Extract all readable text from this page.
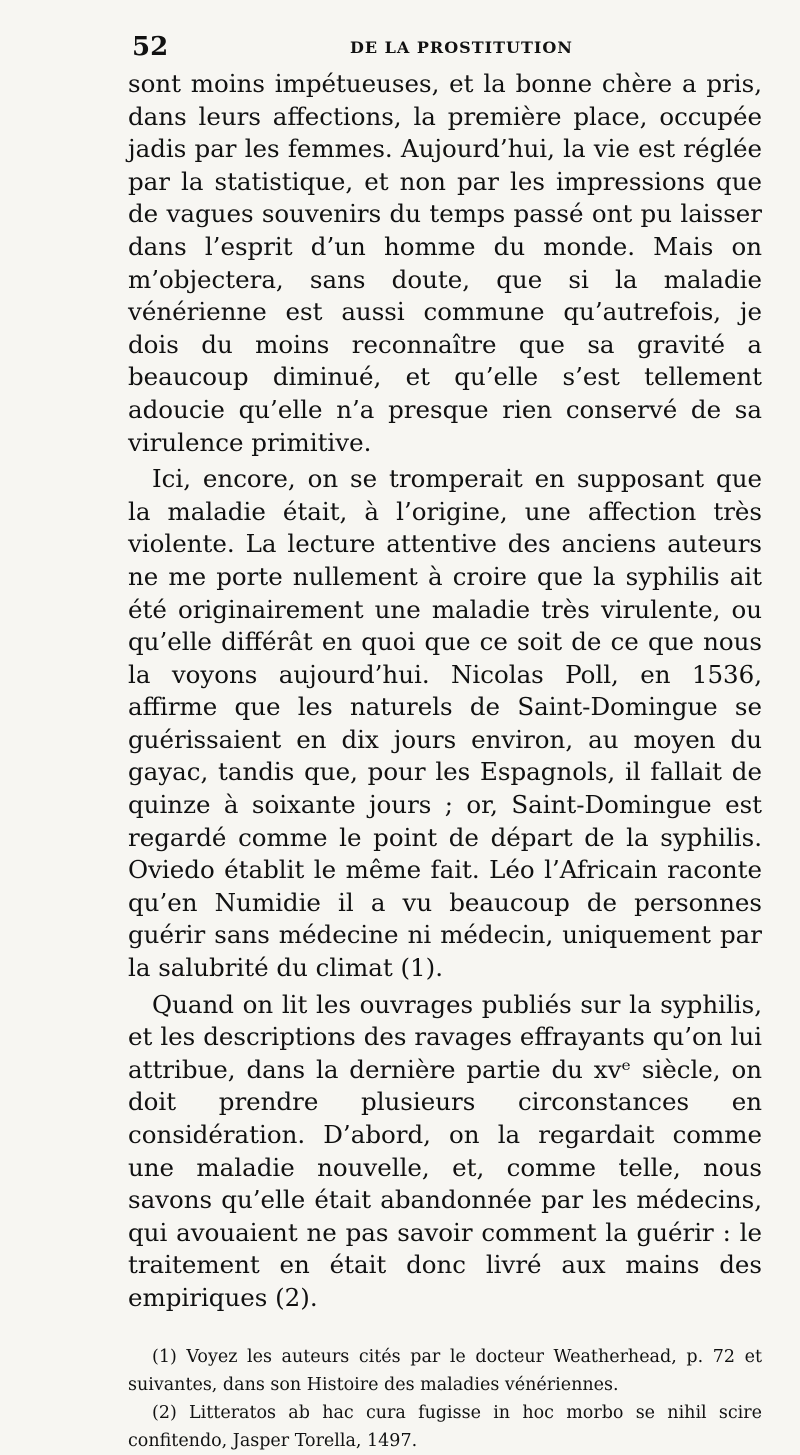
52	DE LA PROSTITUTION

sont moins impétueuses, et la bonne chère a pris, dans leurs affections, la première place, occupée jadis par les femmes. Aujourd’hui, la vie est réglée par la statistique, et non par les impressions que de vagues souvenirs du temps passé ont pu laisser dans l’esprit d’un homme du monde. Mais on m’objectera, sans doute, que si la maladie vénérienne est aussi commune qu’autrefois, je dois du moins reconnaître que sa gravité a beaucoup diminué, et qu’elle s’est tellement adoucie qu’elle n’a presque rien conservé de sa virulence primitive.

Ici, encore, on se tromperait en supposant que la maladie était, à l’origine, une affection très violente. La lecture attentive des anciens auteurs ne me porte nullement à croire que la syphilis ait été originairement une maladie très virulente, ou qu’elle différât en quoi que ce soit de ce que nous la voyons aujourd’hui. Nicolas Poll, en 1536, affirme que les naturels de Saint-Domingue se guérissaient en dix jours environ, au moyen du gayac, tandis que, pour les Espagnols, il fallait de quinze à soixante jours ; or, Saint-Domingue est regardé comme le point de départ de la syphilis. Oviedo établit le même fait. Léo l’Africain raconte qu’en Numidie il a vu beaucoup de personnes guérir sans médecine ni médecin, uniquement par la salubrité du climat (1).

Quand on lit les ouvrages publiés sur la syphilis, et les descriptions des ravages effrayants qu’on lui attribue, dans la dernière partie du xvᵉ siècle, on doit prendre plusieurs circonstances en considération. D’abord, on la regardait comme une maladie nouvelle, et, comme telle, nous savons qu’elle était abandonnée par les médecins, qui avouaient ne pas savoir comment la guérir : le traitement en était donc livré aux mains des empiriques (2).

(1) Voyez les auteurs cités par le docteur Weatherhead, p. 72 et suivantes, dans son Histoire des maladies vénériennes.

(2) Litteratos ab hac cura fugisse in hoc morbo se nihil scire confitendo, Jasper Torella, 1497.
